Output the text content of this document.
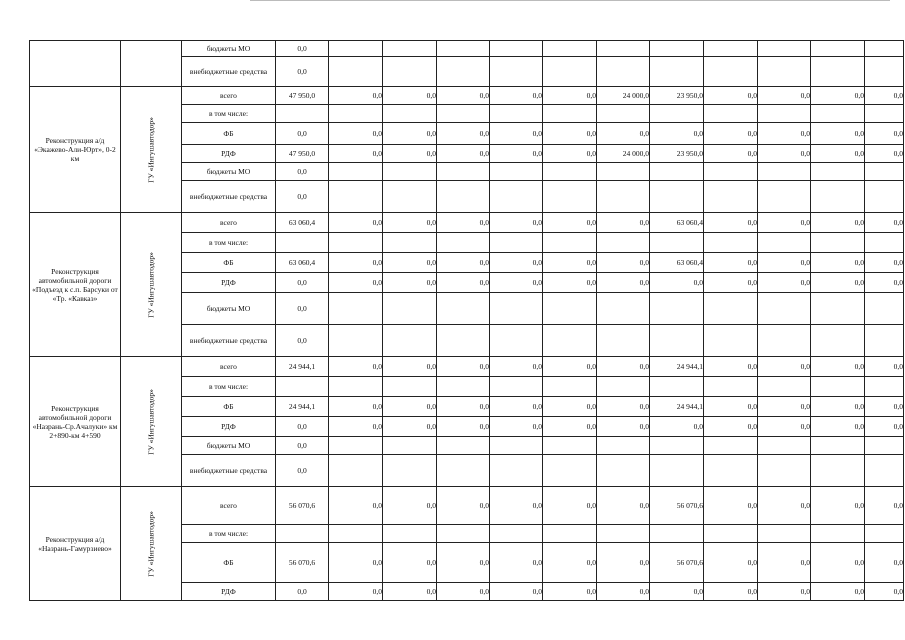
		бюджеты МО	0,0											
		внебюджетные средства	0,0											
Реконструкция а/д «Экажево-Али-Юрт», 0-2 км	ГУ «Ингушавтодор»	всего	47 950,0	0,0	0,0	0,0	0,0	0,0	24 000,0	23 950,0	0,0	0,0	0,0	0,0
		в том числе:												
		ФБ	0,0	0,0	0,0	0,0	0,0	0,0	0,0	0,0	0,0	0,0	0,0	0,0
		РДФ	47 950,0	0,0	0,0	0,0	0,0	0,0	24 000,0	23 950,0	0,0	0,0	0,0	0,0
		бюджеты МО	0,0											
		внебюджетные средства	0,0											
Реконструкция автомобильной дороги «Подъезд к с.п. Барсуки от «Тр. «Кавказ»	ГУ «Ингушавтодор»	всего	63 060,4	0,0	0,0	0,0	0,0	0,0	0,0	63 060,4	0,0	0,0	0,0	0,0
		в том числе:												
		ФБ	63 060,4	0,0	0,0	0,0	0,0	0,0	0,0	63 060,4	0,0	0,0	0,0	0,0
		РДФ	0,0	0,0	0,0	0,0	0,0	0,0	0,0	0,0	0,0	0,0	0,0	0,0
		бюджеты МО	0,0											
		внебюджетные средства	0,0											
Реконструкция автомобильной дороги «Назрань-Ср.Ачалуки» км 2+890-км 4+590	ГУ «Ингушавтодор»	всего	24 944,1	0,0	0,0	0,0	0,0	0,0	0,0	24 944,1	0,0	0,0	0,0	0,0
		в том числе:												
		ФБ	24 944,1	0,0	0,0	0,0	0,0	0,0	0,0	24 944,1	0,0	0,0	0,0	0,0
		РДФ	0,0	0,0	0,0	0,0	0,0	0,0	0,0	0,0	0,0	0,0	0,0	0,0
		бюджеты МО	0,0											
		внебюджетные средства	0,0											
Реконструкция а/д «Назрань-Гамурзиево»	ГУ «Ингушавтодор»	всего	56 070,6	0,0	0,0	0,0	0,0	0,0	0,0	56 070,6	0,0	0,0	0,0	0,0
		в том числе:												
		ФБ	56 070,6	0,0	0,0	0,0	0,0	0,0	0,0	56 070,6	0,0	0,0	0,0	0,0
		РДФ	0,0	0,0	0,0	0,0	0,0	0,0	0,0	0,0	0,0	0,0	0,0	0,0
